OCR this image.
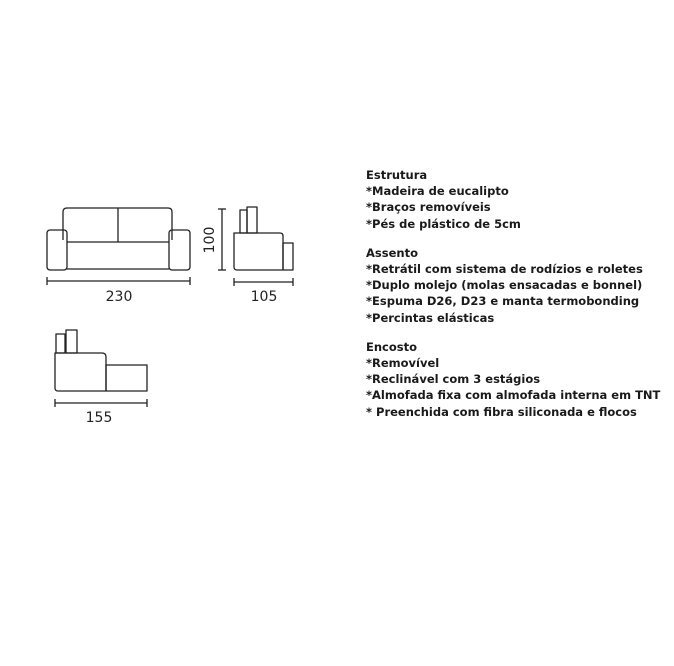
230
100
105
155
Estrutura
*Madeira de eucalipto
*Braços removíveis
*Pés de plástico de 5cm
Assento
*Retrátil com sistema de rodízios e roletes
*Duplo molejo (molas ensacadas e bonnel)
*Espuma D26, D23 e manta termobonding
*Percintas elásticas
Encosto
*Removível
*Reclinável com 3 estágios
*Almofada fixa com almofada interna em TNT
* Preenchida com fibra siliconada e flocos
